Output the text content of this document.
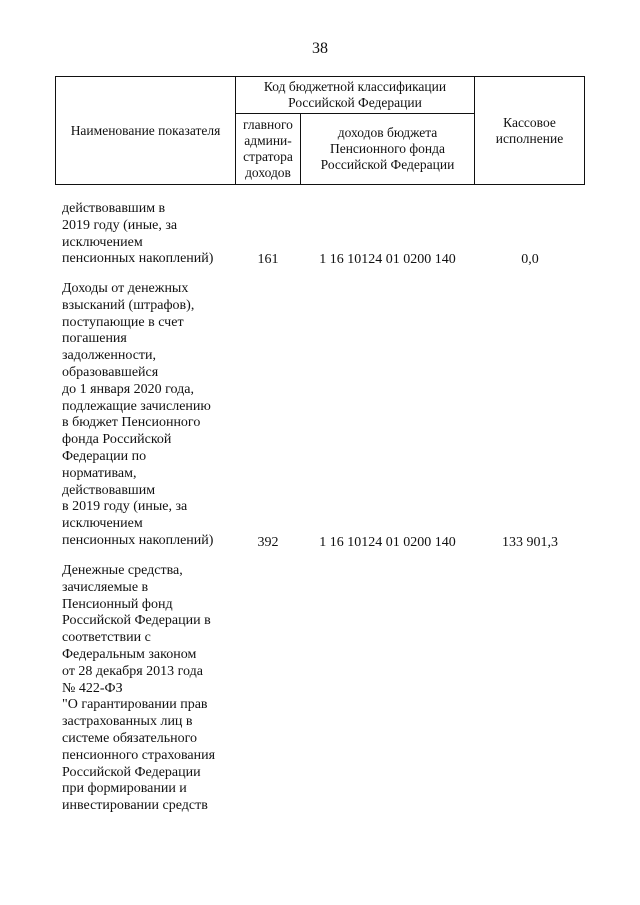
38
Наименование показателя
Код бюджетной классификации Российской Федерации
главного админи-стратора доходов
доходов бюджета Пенсионного фонда Российской Федерации
Кассовое исполнение
действовавшим в
2019 году (иные, за
исключением
пенсионных накоплений)	161	1 16 10124 01 0200 140	0,0
Доходы от денежных
взысканий (штрафов),
поступающие в счет
погашения
задолженности,
образовавшейся
до 1 января 2020 года,
подлежащие зачислению
в бюджет Пенсионного
фонда Российской
Федерации по
нормативам,
действовавшим
в 2019 году (иные, за
исключением
пенсионных накоплений)	392	1 16 10124 01 0200 140	133 901,3
Денежные средства,
зачисляемые в
Пенсионный фонд
Российской Федерации в
соответствии с
Федеральным законом
от 28 декабря 2013 года
№ 422-ФЗ
"О гарантировании прав
застрахованных лиц в
системе обязательного
пенсионного страхования
Российской Федерации
при формировании и
инвестировании средств
